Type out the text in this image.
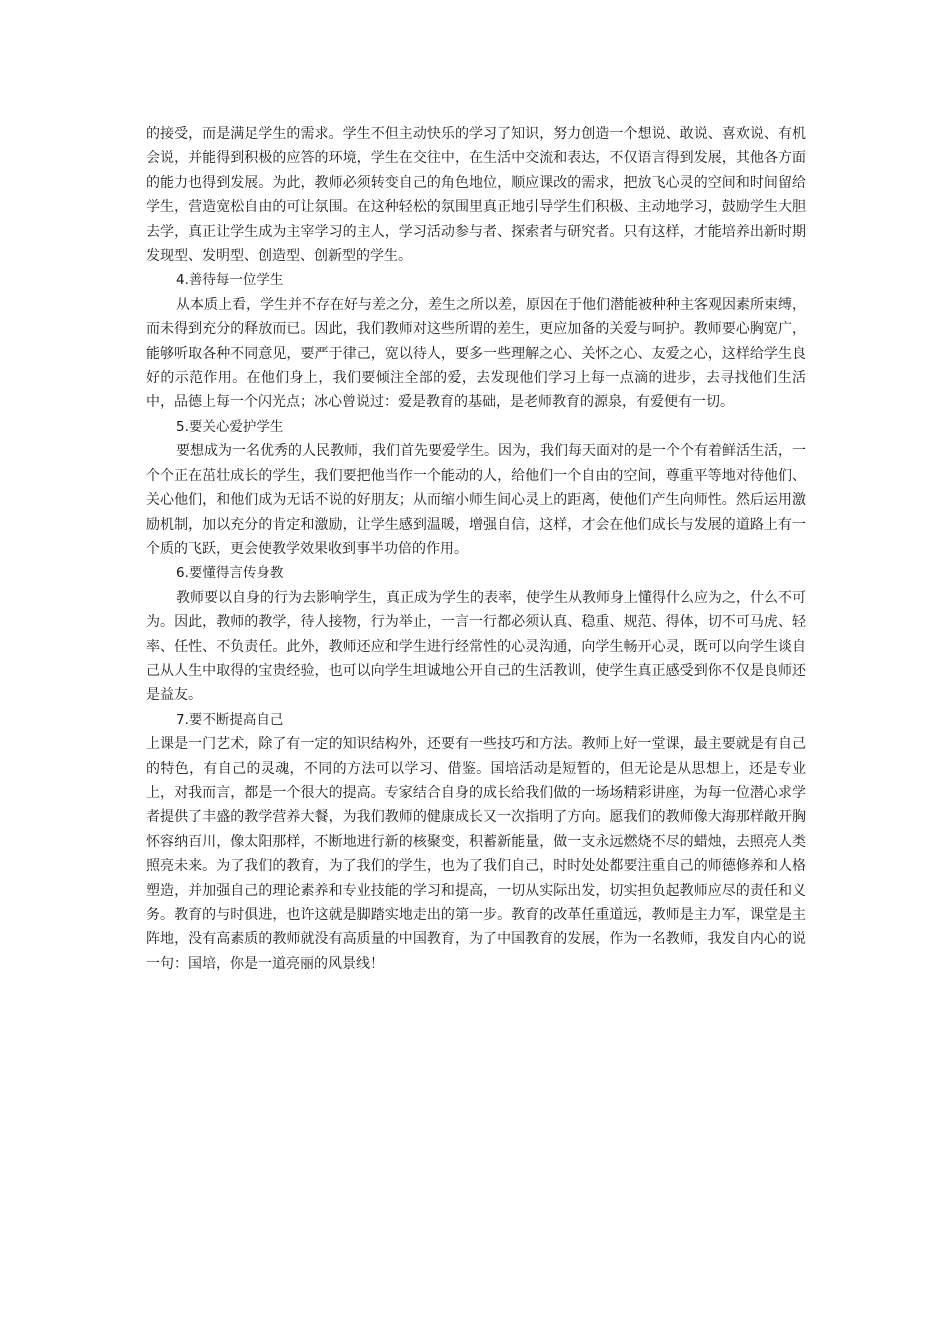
的接受，而是满足学生的需求。学生不但主动快乐的学习了知识，努力创造一个想说、敢说、喜欢说、有机会说，并能得到积极的应答的环境，学生在交往中，在生活中交流和表达，不仅语言得到发展，其他各方面的能力也得到发展。为此，教师必须转变自己的角色地位，顺应课改的需求，把放飞心灵的空间和时间留给学生，营造宽松自由的可让氛围。在这种轻松的氛围里真正地引导学生们积极、主动地学习，鼓励学生大胆去学，真正让学生成为主宰学习的主人，学习活动参与者、探索者与研究者。只有这样，才能培养出新时期发现型、发明型、创造型、创新型的学生。

4.善待每一位学生

从本质上看，学生并不存在好与差之分，差生之所以差，原因在于他们潜能被种种主客观因素所束缚，而未得到充分的释放而已。因此，我们教师对这些所谓的差生，更应加备的关爱与呵护。教师要心胸宽广，能够听取各种不同意见，要严于律己，宽以待人，要多一些理解之心、关怀之心、友爱之心，这样给学生良好的示范作用。在他们身上，我们要倾注全部的爱，去发现他们学习上每一点滴的进步，去寻找他们生活中，品德上每一个闪光点；冰心曾说过：爱是教育的基础，是老师教育的源泉，有爱便有一切。

5.要关心爱护学生

要想成为一名优秀的人民教师，我们首先要爱学生。因为，我们每天面对的是一个个有着鲜活生活，一个个正在茁壮成长的学生，我们要把他当作一个能动的人，给他们一个自由的空间，尊重平等地对待他们、关心他们，和他们成为无话不说的好朋友；从而缩小师生间心灵上的距离，使他们产生向师性。然后运用激励机制，加以充分的肯定和激励，让学生感到温暖，增强自信，这样，才会在他们成长与发展的道路上有一个质的飞跃，更会使教学效果收到事半功倍的作用。

6.要懂得言传身教

教师要以自身的行为去影响学生，真正成为学生的表率，使学生从教师身上懂得什么应为之，什么不可为。因此，教师的教学，待人接物，行为举止，一言一行都必须认真、稳重、规范、得体，切不可马虎、轻率、任性、不负责任。此外，教师还应和学生进行经常性的心灵沟通，向学生畅开心灵，既可以向学生谈自己从人生中取得的宝贵经验，也可以向学生坦诚地公开自己的生活教训，使学生真正感受到你不仅是良师还是益友。

7.要不断提高自己

上课是一门艺术，除了有一定的知识结构外，还要有一些技巧和方法。教师上好一堂课，最主要就是有自己的特色，有自己的灵魂，不同的方法可以学习、借鉴。国培活动是短暂的，但无论是从思想上，还是专业上，对我而言，都是一个很大的提高。专家结合自身的成长给我们做的一场场精彩讲座，为每一位潜心求学者提供了丰盛的教学营养大餐，为我们教师的健康成长又一次指明了方向。愿我们的教师像大海那样敞开胸怀容纳百川，像太阳那样，不断地进行新的核聚变，积蓄新能量，做一支永远燃烧不尽的蜡烛，去照亮人类照亮未来。为了我们的教育，为了我们的学生，也为了我们自己，时时处处都要注重自己的师德修养和人格塑造，并加强自己的理论素养和专业技能的学习和提高，一切从实际出发，切实担负起教师应尽的责任和义务。教育的与时俱进，也许这就是脚踏实地走出的第一步。教育的改革任重道远，教师是主力军，课堂是主阵地，没有高素质的教师就没有高质量的中国教育，为了中国教育的发展，作为一名教师，我发自内心的说一句：国培，你是一道亮丽的风景线！
